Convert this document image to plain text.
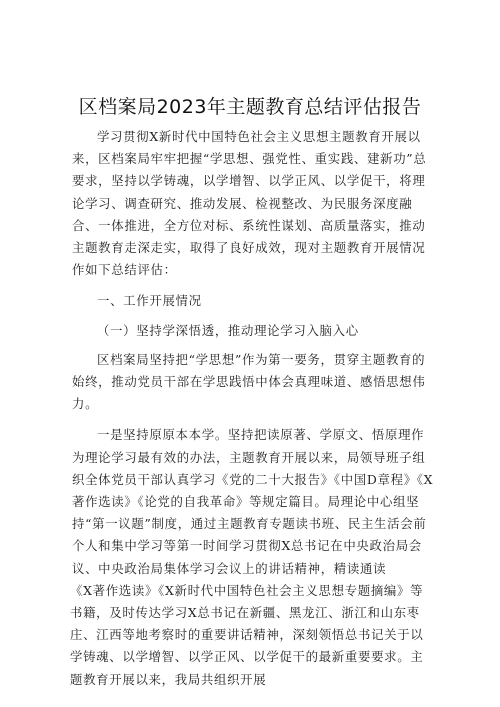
区档案局2023年主题教育总结评估报告

学习贯彻X新时代中国特色社会主义思想主题教育开展以来，区档案局牢牢把握“学思想、强党性、重实践、建新功”总要求，坚持以学铸魂，以学增智、以学正风、以学促干，将理论学习、调查研究、推动发展、检视整改、为民服务深度融合、一体推进，全方位对标、系统性谋划、高质量落实，推动主题教育走深走实，取得了良好成效，现对主题教育开展情况作如下总结评估：

一、工作开展情况

（一）坚持学深悟透，推动理论学习入脑入心

区档案局坚持把“学思想”作为第一要务，贯穿主题教育的始终，推动党员干部在学思践悟中体会真理味道、感悟思想伟力。

一是坚持原原本本学。坚持把读原著、学原文、悟原理作为理论学习最有效的办法，主题教育开展以来，局领导班子组织全体党员干部认真学习《党的二十大报告》《中国D章程》《X著作选读》《论党的自我革命》等规定篇目。局理论中心组坚持“第一议题”制度，通过主题教育专题读书班、民主生活会前个人和集中学习等第一时间学习贯彻X总书记在中央政治局会议、中央政治局集体学习会议上的讲话精神，精读通读

《X著作选读》《X新时代中国特色社会主义思想专题摘编》等书籍，及时传达学习X总书记在新疆、黑龙江、浙江和山东枣庄、江西等地考察时的重要讲话精神，深刻领悟总书记关于以学铸魂、以学增智、以学正风、以学促干的最新重要要求。主题教育开展以来，我局共组织开展
